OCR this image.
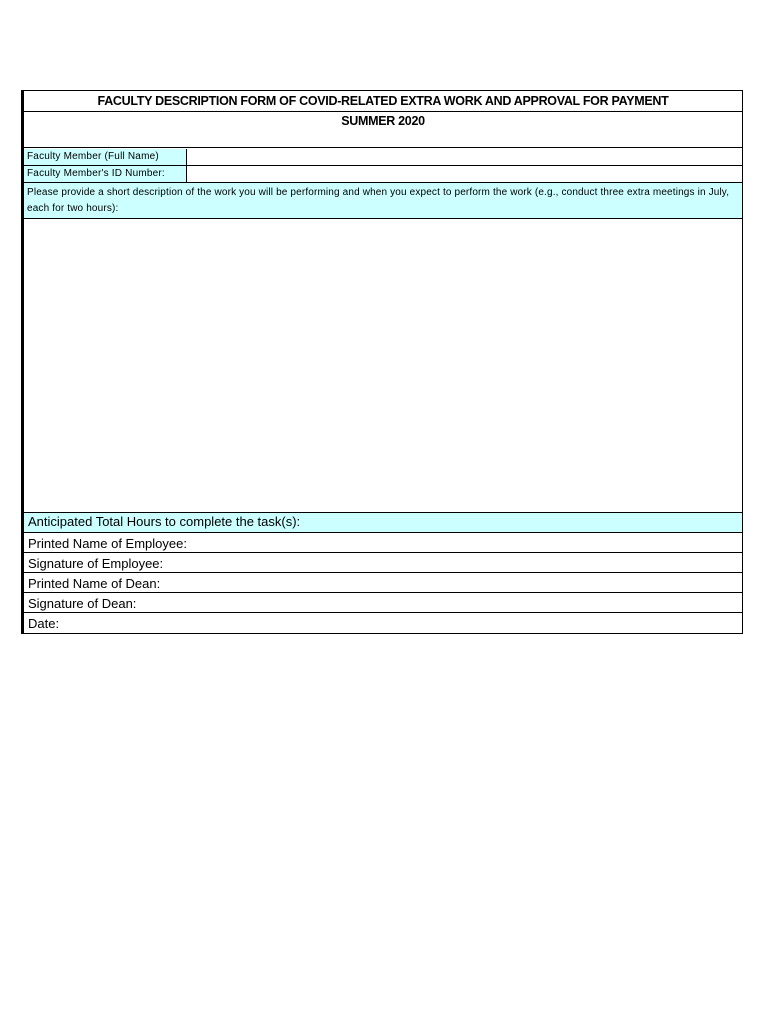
FACULTY DESCRIPTION FORM OF COVID-RELATED EXTRA WORK AND APPROVAL FOR PAYMENT
SUMMER 2020
Faculty Member (Full Name)
Faculty Member's ID Number:
Please provide a short description of the work you will be performing and when you expect to perform the work (e.g., conduct three extra meetings in July, each for two hours):
Anticipated Total Hours to complete the task(s):
Printed Name of Employee:
Signature of Employee:
Printed Name of Dean:
Signature of Dean:
Date:
